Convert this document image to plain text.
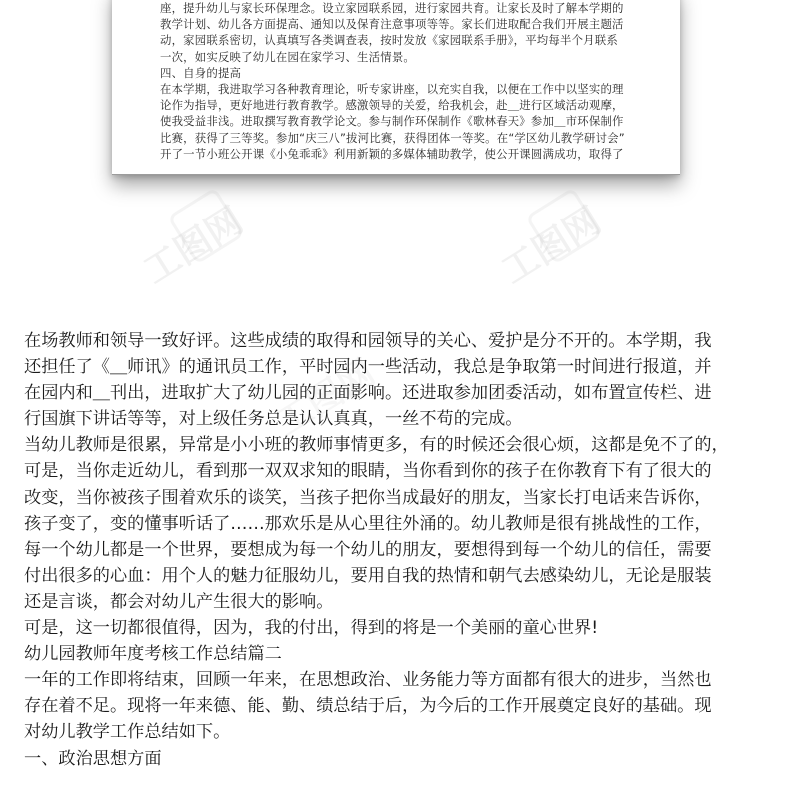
座，提升幼儿与家长环保理念。设立家园联系园，进行家园共育。让家长及时了解本学期的
教学计划、幼儿各方面提高、通知以及保育注意事项等等。家长们进取配合我们开展主题活
动，家园联系密切，认真填写各类调查表，按时发放《家园联系手册》，平均每半个月联系
一次，如实反映了幼儿在园在家学习、生活情景。
四、自身的提高
在本学期，我进取学习各种教育理论，听专家讲座，以充实自我，以便在工作中以坚实的理
论作为指导，更好地进行教育教学。感激领导的关爱，给我机会，赴＿进行区域活动观摩，
使我受益非浅。进取撰写教育教学论文。参与制作环保制作《歌林春天》参加＿市环保制作
比赛，获得了三等奖。参加“庆三八”拔河比赛，获得团体一等奖。在“学区幼儿教学研讨会”
开了一节小班公开课《小兔乖乖》利用新颖的多媒体辅助教学，使公开课圆满成功，取得了
工图网	工图网
工图网
在场教师和领导一致好评。这些成绩的取得和园领导的关心、爱护是分不开的。本学期，我
还担任了《＿师讯》的通讯员工作，平时园内一些活动，我总是争取第一时间进行报道，并
在园内和＿刊出，进取扩大了幼儿园的正面影响。还进取参加团委活动，如布置宣传栏、进
行国旗下讲话等等，对上级任务总是认认真真，一丝不苟的完成。
当幼儿教师是很累，异常是小小班的教师事情更多，有的时候还会很心烦，这都是免不了的，
可是，当你走近幼儿，看到那一双双求知的眼睛，当你看到你的孩子在你教育下有了很大的
改变，当你被孩子围着欢乐的谈笑，当孩子把你当成最好的朋友，当家长打电话来告诉你，
孩子变了，变的懂事听话了……那欢乐是从心里往外涌的。幼儿教师是很有挑战性的工作，
每一个幼儿都是一个世界，要想成为每一个幼儿的朋友，要想得到每一个幼儿的信任，需要
付出很多的心血：用个人的魅力征服幼儿，要用自我的热情和朝气去感染幼儿，无论是服装
还是言谈，都会对幼儿产生很大的影响。
可是，这一切都很值得，因为，我的付出，得到的将是一个美丽的童心世界!
幼儿园教师年度考核工作总结篇二
一年的工作即将结束，回顾一年来，在思想政治、业务能力等方面都有很大的进步，当然也
存在着不足。现将一年来德、能、勤、绩总结于后，为今后的工作开展奠定良好的基础。现
对幼儿教学工作总结如下。
一、政治思想方面
